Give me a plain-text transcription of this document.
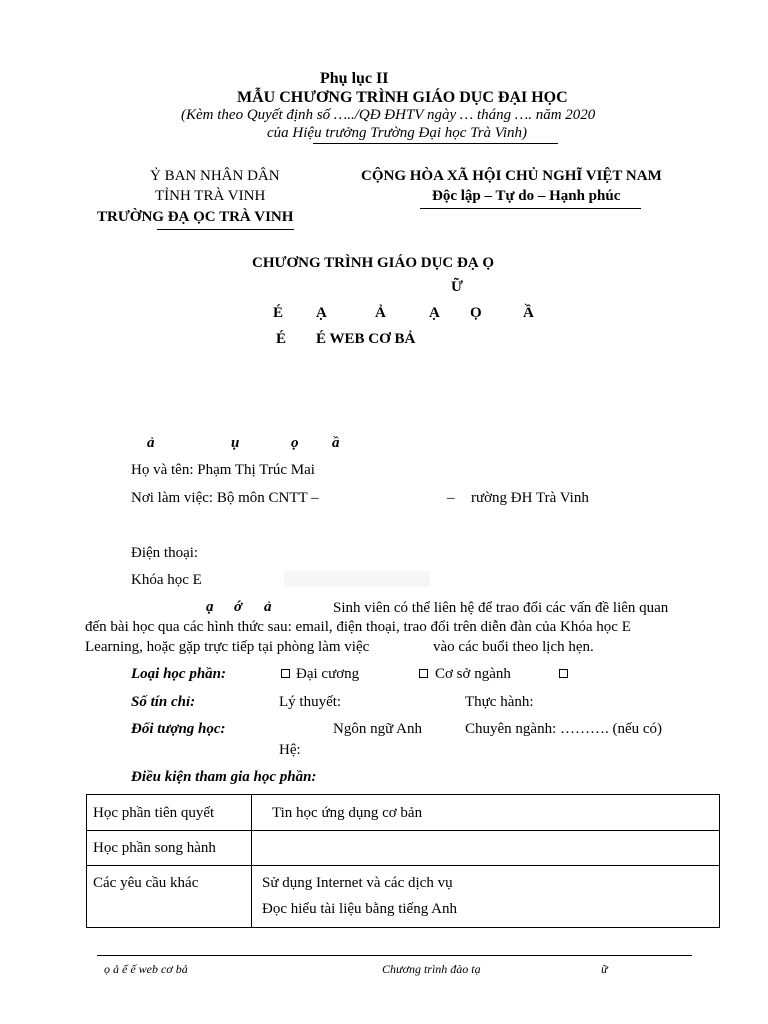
Phụ lục II
MẪU CHƯƠNG TRÌNH GIÁO DỤC ĐẠI HỌC
(Kèm theo Quyết định số …../QĐ ĐHTV ngày … tháng …. năm 2020
của Hiệu trưởng Trường Đại học Trà Vinh)
Ỷ BAN NHÂN DÂN
TỈNH TRÀ VINH
TRƯỜNG ĐẠ ỌC TRÀ VINH
CỘNG HÒA XÃ HỘI CHỦ NGHĨ VIỆT NAM
Độc lập – Tự do – Hạnh phúc
CHƯƠNG TRÌNH GIÁO DỤC ĐẠ Ọ
Ữ
É Ạ	Ả	Ạ Ọ	Ầ
É É WEB CƠ BẢ
ả	ụ	ọ ầ
Họ và tên: Phạm Thị Trúc Mai
Nơi làm việc: Bộ môn CNTT –	– rường ĐH Trà Vinh
Điện thoại:
Khóa học E
ạ ớ ả	Sinh viên có thể liên hệ để trao đổi các vấn đề liên quan
đến bài học qua các hình thức sau: email, điện thoại, trao đổi trên diễn đàn của Khóa học E
Learning, hoặc gặp trực tiếp tại phòng làm việc	vào các buổi theo lịch hẹn.
Loại học phần:	Đại cương	Cơ sở ngành
Số tín chỉ:	Lý thuyết:	Thực hành:
Đối tượng học:	Ngôn ngữ Anh	Chuyên ngành: ………. (nếu có)
Hệ:
Điều kiện tham gia học phần:
Học phần tiên quyết	Tin học ứng dụng cơ bản

Học phần song hành	

Các yêu cầu khác	Sử dụng Internet và các dịch vụ
Đọc hiểu tài liệu bằng tiếng Anh
ọ ả ế ế web cơ bả	Chương trình đào tạ	ữ
